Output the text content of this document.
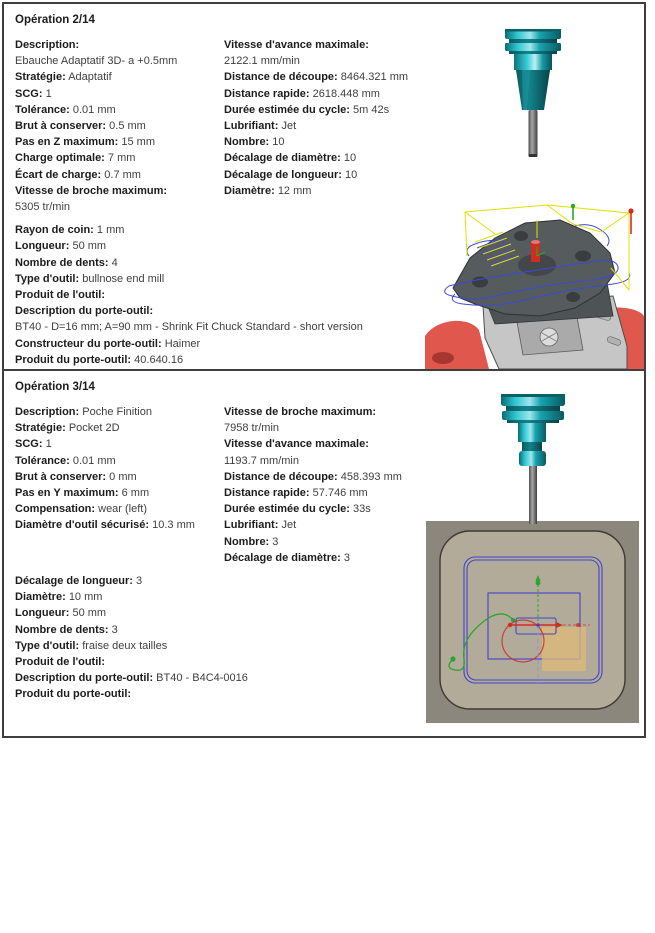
Opération 2/14
Description:
Ebauche Adaptatif 3D- a +0.5mm
Stratégie: Adaptatif
SCG: 1
Tolérance: 0.01 mm
Brut à conserver: 0.5 mm
Pas en Z maximum: 15 mm
Charge optimale: 7 mm
Écart de charge: 0.7 mm
Vitesse de broche maximum:
5305 tr/min
Vitesse d'avance maximale:
2122.1 mm/min
Distance de découpe: 8464.321 mm
Distance rapide: 2618.448 mm
Durée estimée du cycle: 5m 42s
Lubrifiant: Jet
Nombre: 10
Décalage de diamètre: 10
Décalage de longueur: 10
Diamètre: 12 mm
Rayon de coin: 1 mm
Longueur: 50 mm
Nombre de dents: 4
Type d'outil: bullnose end mill
Produit de l'outil:
Description du porte-outil:
BT40 - D=16 mm; A=90 mm - Shrink Fit Chuck Standard - short version
Constructeur du porte-outil: Haimer
Produit du porte-outil: 40.640.16
Opération 3/14
Description: Poche Finition
Stratégie: Pocket 2D
SCG: 1
Tolérance: 0.01 mm
Brut à conserver: 0 mm
Pas en Y maximum: 6 mm
Compensation: wear (left)
Diamètre d'outil sécurisé: 10.3 mm
Vitesse de broche maximum:
7958 tr/min
Vitesse d'avance maximale:
1193.7 mm/min
Distance de découpe: 458.393 mm
Distance rapide: 57.746 mm
Durée estimée du cycle: 33s
Lubrifiant: Jet
Nombre: 3
Décalage de diamètre: 3
Décalage de longueur: 3
Diamètre: 10 mm
Longueur: 50 mm
Nombre de dents: 3
Type d'outil: fraise deux tailles
Produit de l'outil:
Description du porte-outil: BT40 - B4C4-0016
Produit du porte-outil:
